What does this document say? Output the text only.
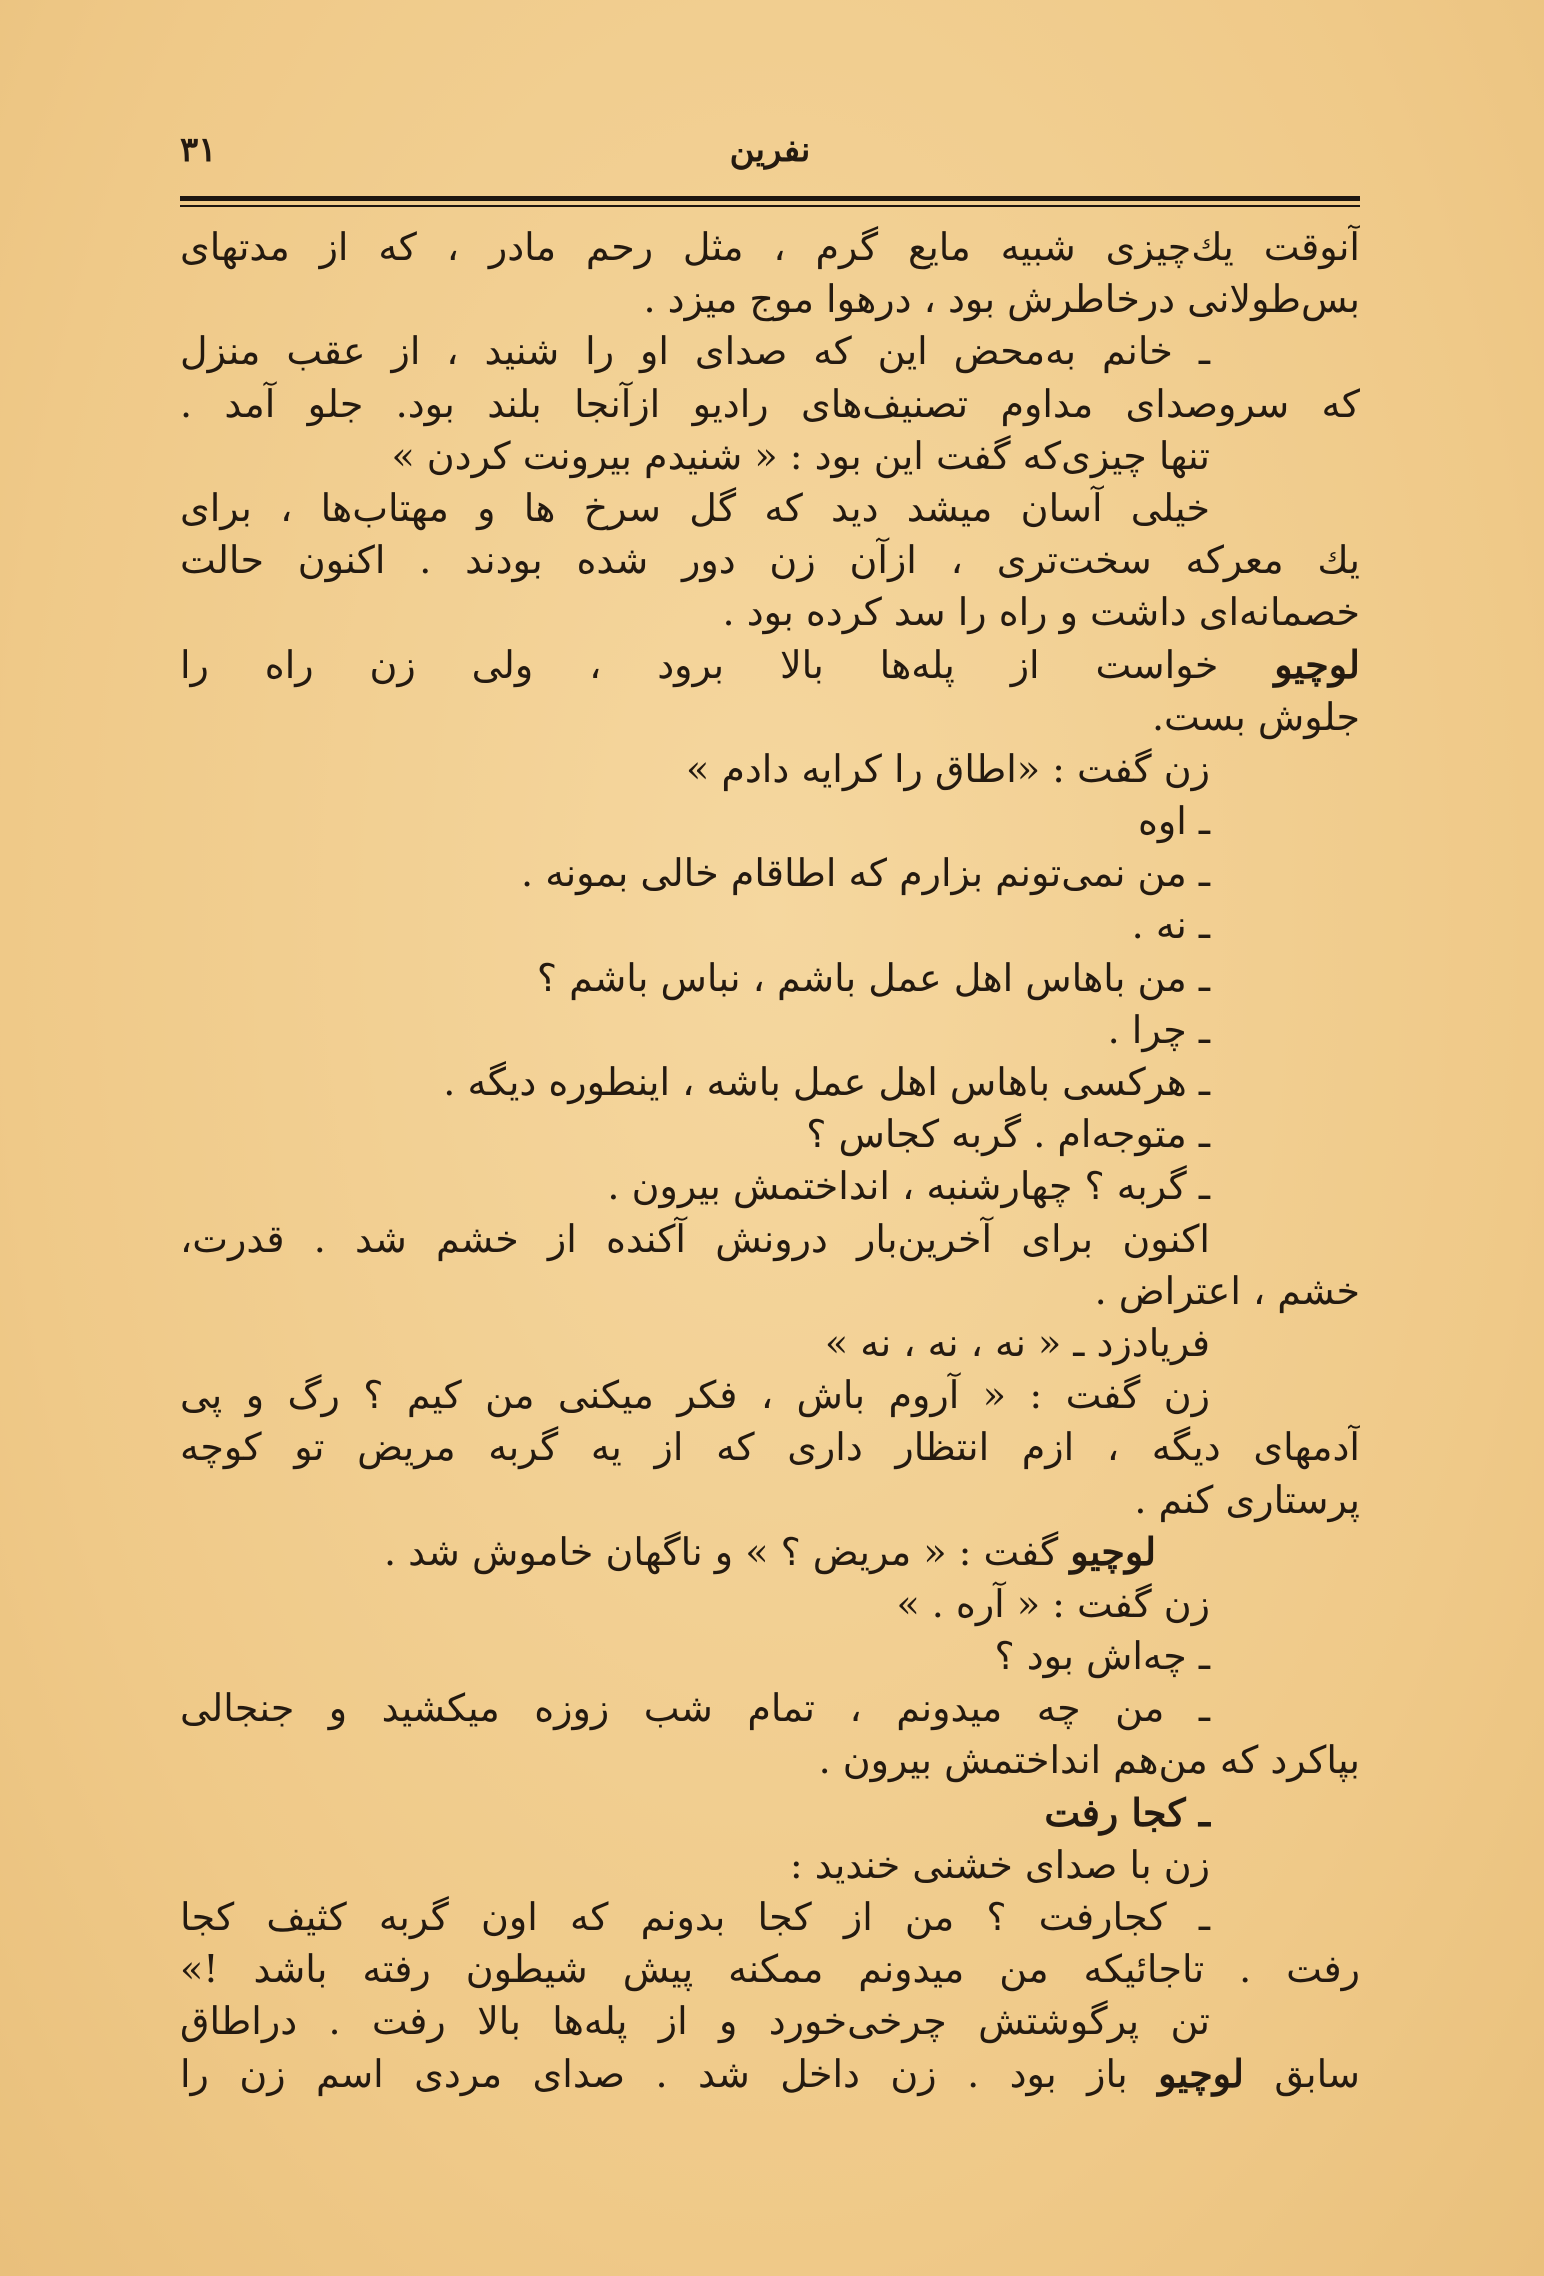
۳۱	نفرین
آنوقت يك‌چيزی شبیه مایع گرم ، مثل رحم مادر ، که از مدتهای
بس‌طولانی درخاطرش بود ، درهوا موج میزد .
ـ خانم به‌محض این که صدای او را شنید ، از عقب منزل
که سروصدای مداوم تصنیف‌های رادیو ازآنجا بلند بود. جلو آمد .
تنها چیزی‌که گفت این بود : « شنیدم بیرونت کردن »
خیلی آسان میشد دید که گل سرخ ها و مهتاب‌ها ، برای
يك معركه سخت‌تری ، ازآن زن دور شده بودند . اکنون حالت
خصمانه‌ای داشت و راه را سد کرده بود .
لوچیو خواست از پله‌ها بالا برود ، ولی زن راه را
جلوش بست.
زن گفت : «اطاق را کرایه دادم »
ـ اوه
ـ من نمی‌تونم بزارم که اطاقام خالی بمونه .
ـ نه .
ـ من باهاس اهل عمل باشم ، نباس باشم ؟
ـ چرا .
ـ هرکسی باهاس اهل عمل باشه ، اینطوره دیگه .
ـ متوجه‌ام . گربه کجاس ؟
ـ گربه ؟ چهارشنبه ، انداختمش بیرون .
اکنون برای آخرین‌بار درونش آکنده از خشم شد . قدرت،
خشم ، اعتراض .
فریادزد ـ « نه ، نه ، نه »
زن گفت : « آروم باش ، فکر میکنی من کیم ؟ رگ و پی
آدمهای دیگه ، ازم انتظار داری که از یه گربه مریض تو کوچه
پرستاری کنم .
لوچیو گفت : « مریض ؟ » و ناگهان خاموش شد .
زن گفت : « آره . »
ـ چه‌اش بود ؟
ـ من چه میدونم ، تمام شب زوزه میکشید و جنجالی
بپاکرد که من‌هم انداختمش بیرون .
ـ کجا رفت
زن با صدای خشنی خندید :
ـ کجارفت ؟ من از کجا بدونم که اون گربه کثیف کجا
رفت . تاجائیکه من میدونم ممکنه پیش شیطون رفته باشد !»
تن پرگوشتش چرخی‌خورد و از پله‌ها بالا رفت . دراطاق
سابق لوچیو باز بود . زن داخل شد . صدای مردی اسم زن را
